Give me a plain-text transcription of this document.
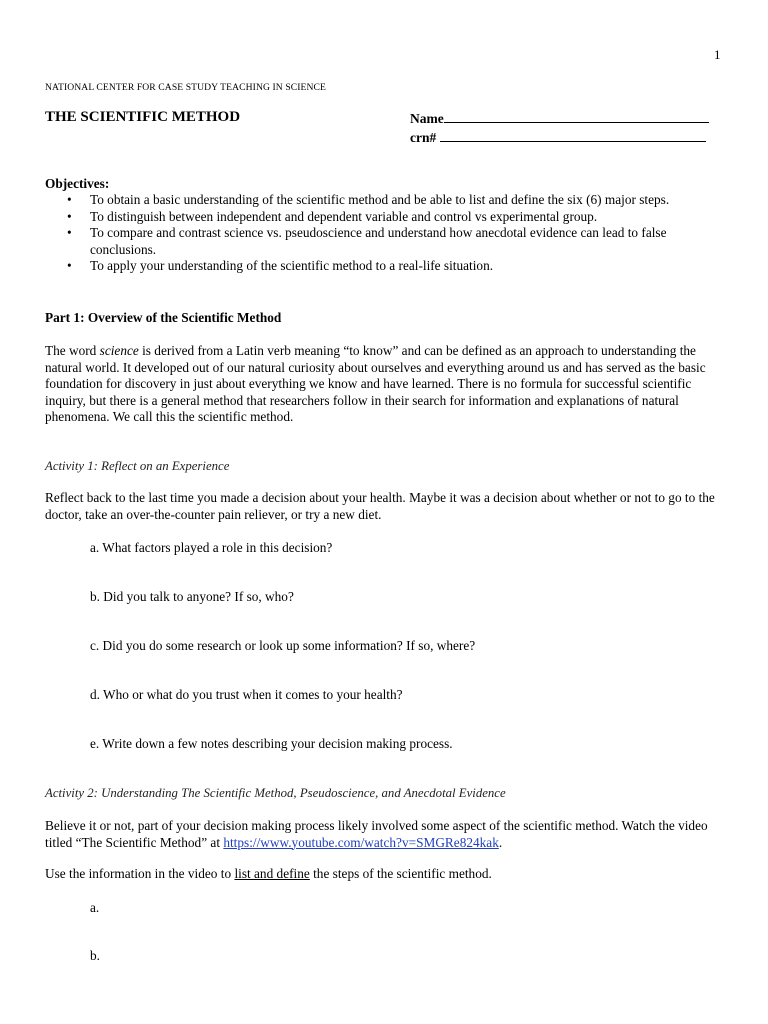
1
NATIONAL CENTER FOR CASE STUDY TEACHING IN SCIENCE
THE SCIENTIFIC METHOD	Name
crn#
Objectives:
• To obtain a basic understanding of the scientific method and be able to list and define the six (6) major steps.
• To distinguish between independent and dependent variable and control vs experimental group.
• To compare and contrast science vs. pseudoscience and understand how anecdotal evidence can lead to false conclusions.
• To apply your understanding of the scientific method to a real-life situation.
Part 1: Overview of the Scientific Method
The word science is derived from a Latin verb meaning “to know” and can be defined as an approach to understanding the natural world. It developed out of our natural curiosity about ourselves and everything around us and has served as the basic foundation for discovery in just about everything we know and have learned. There is no formula for successful scientific inquiry, but there is a general method that researchers follow in their search for information and explanations of natural phenomena. We call this the scientific method.
Activity 1: Reflect on an Experience
Reflect back to the last time you made a decision about your health. Maybe it was a decision about whether or not to go to the doctor, take an over-the-counter pain reliever, or try a new diet.
a. What factors played a role in this decision?
b. Did you talk to anyone? If so, who?
c. Did you do some research or look up some information? If so, where?
d. Who or what do you trust when it comes to your health?
e. Write down a few notes describing your decision making process.
Activity 2: Understanding The Scientific Method, Pseudoscience, and Anecdotal Evidence
Believe it or not, part of your decision making process likely involved some aspect of the scientific method. Watch the video titled “The Scientific Method” at https://www.youtube.com/watch?v=SMGRe824kak.
Use the information in the video to list and define the steps of the scientific method.
a.
b.
